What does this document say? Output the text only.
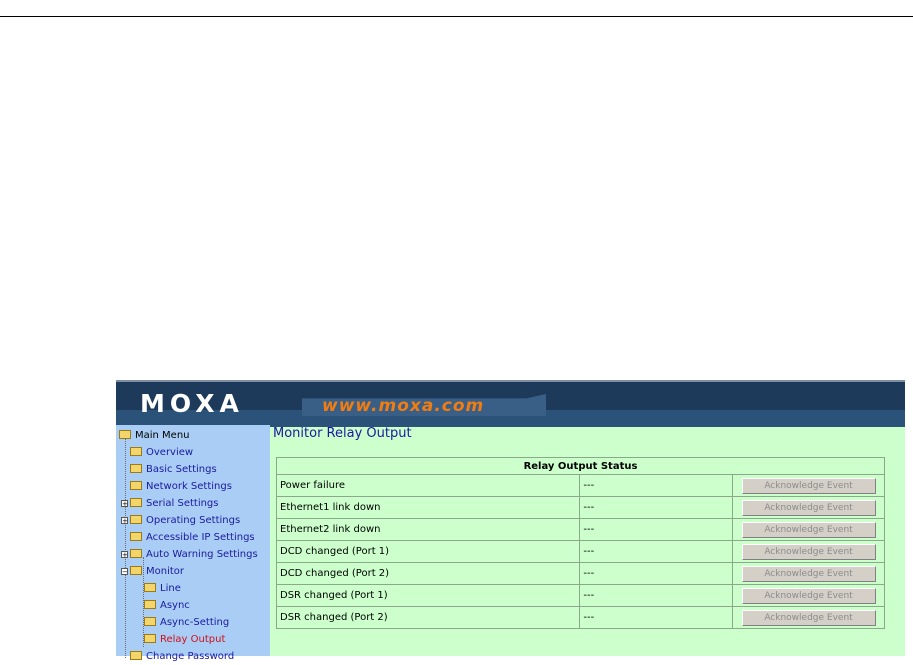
MOXA	www.moxa.com
Main Menu
Overview
Basic Settings
Network Settings
+	Serial Settings
+	Operating Settings
Accessible IP Settings
+	Auto Warning Settings
−	Monitor
Line
Async
Async-Setting
Relay Output
Change Password
Monitor Relay Output
Relay Output Status		
Power failure	---	Acknowledge Event
Ethernet1 link down	---	Acknowledge Event
Ethernet2 link down	---	Acknowledge Event
DCD changed (Port 1)	---	Acknowledge Event
DCD changed (Port 2)	---	Acknowledge Event
DSR changed (Port 1)	---	Acknowledge Event
DSR changed (Port 2)	---	Acknowledge Event
